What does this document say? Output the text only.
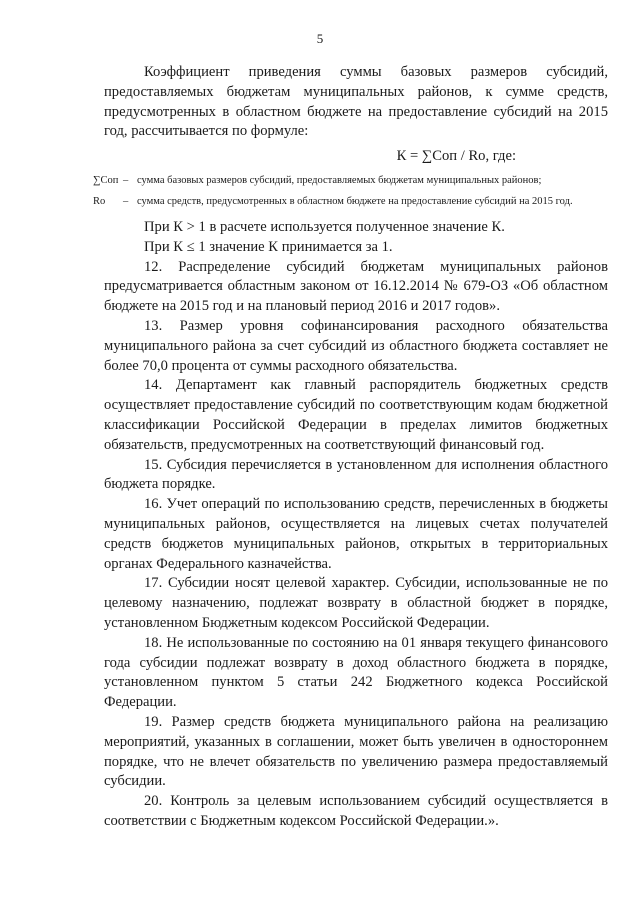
5

Коэффициент приведения суммы базовых размеров субсидий, предоставляемых бюджетам муниципальных районов, к сумме средств, предусмотренных в областном бюджете на предоставление субсидий на 2015 год, рассчитывается по формуле:

К = ∑Соп / Rо, где:
∑Соп – сумма базовых размеров субсидий, предоставляемых бюджетам муниципальных районов;
Rо	– сумма средств, предусмотренных в областном бюджете на предоставление субсидий на 2015 год.

При К > 1 в расчете используется полученное значение К.

При К ≤ 1 значение К принимается за 1.

12. Распределение субсидий бюджетам муниципальных районов предусматривается областным законом от 16.12.2014 № 679-ОЗ «Об областном бюджете на 2015 год и на плановый период 2016 и 2017 годов».

13. Размер уровня софинансирования расходного обязательства муниципального района за счет субсидий из областного бюджета составляет не более 70,0 процента от суммы расходного обязательства.

14. Департамент как главный распорядитель бюджетных средств осуществляет предоставление субсидий по соответствующим кодам бюджетной классификации Российской Федерации в пределах лимитов бюджетных обязательств, предусмотренных на соответствующий финансовый год.

15. Субсидия перечисляется в установленном для исполнения областного бюджета порядке.

16. Учет операций по использованию средств, перечисленных в бюджеты муниципальных районов, осуществляется на лицевых счетах получателей средств бюджетов муниципальных районов, открытых в территориальных органах Федерального казначейства.

17. Субсидии носят целевой характер. Субсидии, использованные не по целевому назначению, подлежат возврату в областной бюджет в порядке, установленном Бюджетным кодексом Российской Федерации.

18. Не использованные по состоянию на 01 января текущего финансового года субсидии подлежат возврату в доход областного бюджета в порядке, установленном пунктом 5 статьи 242 Бюджетного кодекса Российской Федерации.

19. Размер средств бюджета муниципального района на реализацию мероприятий, указанных в соглашении, может быть увеличен в одностороннем порядке, что не влечет обязательств по увеличению размера предоставляемый субсидии.

20. Контроль за целевым использованием субсидий осуществляется в соответствии с Бюджетным кодексом Российской Федерации.».
